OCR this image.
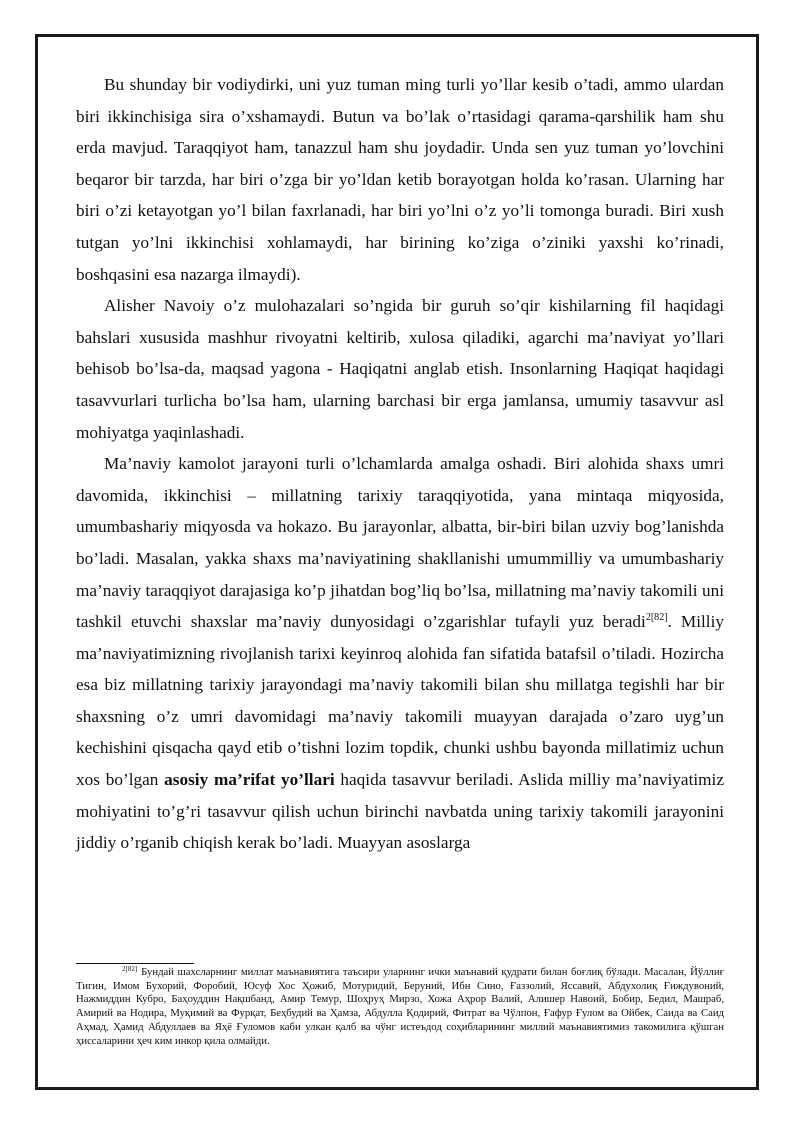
Bu shunday bir vodiydirki, uni yuz tuman ming turli yo’llar kesib o’tadi, ammo ulardan biri ikkinchisiga sira o’xshamaydi. Butun va bo’lak o’rtasidagi qarama-qarshilik ham shu erda mavjud. Taraqqiyot ham, tanazzul ham shu joydadir. Unda sen yuz tuman yo’lovchini beqaror bir tarzda, har biri o’zga bir yo’ldan ketib borayotgan holda ko’rasan. Ularning har biri o’zi ketayotgan yo’l bilan faxrlanadi, har biri yo’lni o’z yo’li tomonga buradi. Biri xush tutgan yo’lni ikkinchisi xohlamaydi, har birining ko’ziga o’ziniki yaxshi ko’rinadi, boshqasini esa nazarga ilmaydi).

Alisher Navoiy o’z mulohazalari so’ngida bir guruh so’qir kishilarning fil haqidagi bahslari xususida mashhur rivoyatni keltirib, xulosa qiladiki, agarchi ma’naviyat yo’llari behisob bo’lsa-da, maqsad yagona - Haqiqatni anglab etish. Insonlarning Haqiqat haqidagi tasavvurlari turlicha bo’lsa ham, ularning barchasi bir erga jamlansa, umumiy tasavvur asl mohiyatga yaqinlashadi.

Ma’naviy kamolot jarayoni turli o’lchamlarda amalga oshadi. Biri alohida shaxs umri davomida, ikkinchisi – millatning tarixiy taraqqiyotida, yana mintaqa miqyosida, umumbashariy miqyosda va hokazo. Bu jarayonlar, albatta, bir-biri bilan uzviy bog’lanishda bo’ladi. Masalan, yakka shaxs ma’naviyatining shakllanishi umummilliy va umumbashariy ma’naviy taraqqiyot darajasiga ko’p jihatdan bog’liq bo’lsa, millatning ma’naviy takomili uni tashkil etuvchi shaxslar ma’naviy dunyosidagi o’zgarishlar tufayli yuz beradi$^{2[82]}$. Milliy ma’naviyatimizning rivojlanish tarixi keyinroq alohida fan sifatida batafsil o’tiladi. Hozircha esa biz millatning tarixiy jarayondagi ma’naviy takomili bilan shu millatga tegishli har bir shaxsning o’z umri davomidagi ma’naviy takomili muayyan darajada o’zaro uyg’un kechishini qisqacha qayd etib o’tishni lozim topdik, chunki ushbu bayonda millatimiz uchun xos bo’lgan asosiy ma’rifat yo’llari haqida tasavvur beriladi. Aslida milliy ma’naviyatimiz mohiyatini to’g’ri tasavvur qilish uchun birinchi navbatda uning tarixiy takomili jarayonini jiddiy o’rganib chiqish kerak bo’ladi. Muayyan asoslarga

$^{2[82]}$ Бундай шахсларнинг миллат маънавиятига таъсири уларнинг ички маънавий қудрати билан боғлиқ бўлади. Масалан, Йўллиғ Тигин, Имом Бухорий, Форобий, Юсуф Хос Ҳожиб, Мотуридий, Беруний, Ибн Сино, Ғаззолий, Яссавий, Абдухолиқ Ғиждувоний, Нажмиддин Кубро, Баҳоуддин Нақшбанд, Амир Темур, Шоҳруҳ Мирзо, Хожа Аҳрор Валий, Алишер Навоий, Бобир, Бедил, Машраб, Амирий ва Нодира, Муқимий ва Фурқат, Беҳбудий ва Ҳамза, Абдулла Қодирий, Фитрат ва Чўлпон, Ғафур Ғулом ва Ойбек, Саида ва Саид Аҳмад, Ҳамид Абдуллаев ва Яҳё Ғуломов каби улкан қалб ва чўнг истеъдод соҳибларининг миллий маънавиятимиз такомилига қўшган ҳиссаларини ҳеч ким инкор қила олмайди.
